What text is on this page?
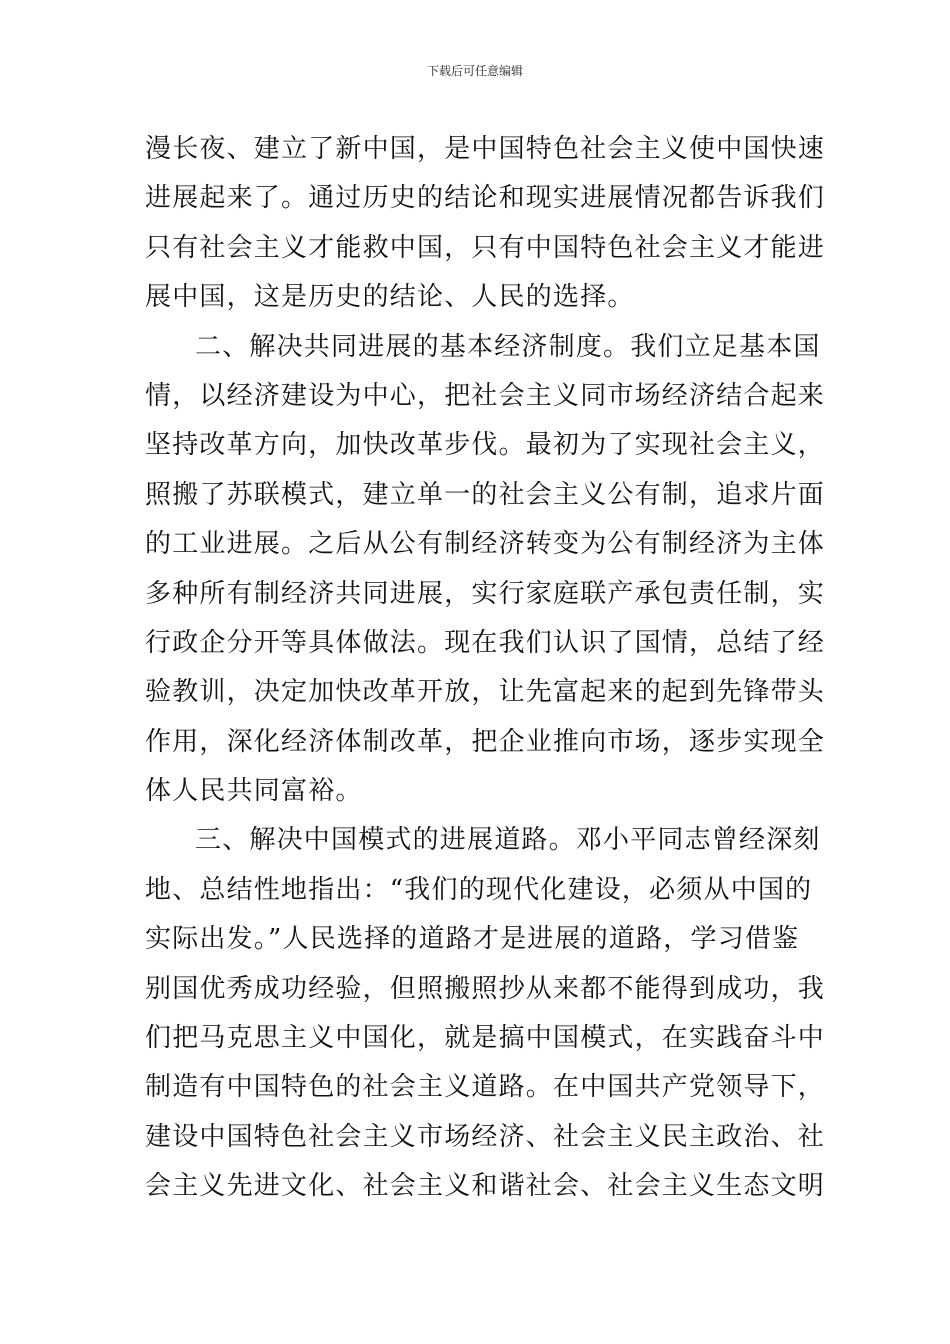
下载后可任意编辑
漫长夜、建立了新中国，是中国特色社会主义使中国快速
进展起来了。通过历史的结论和现实进展情况都告诉我们
只有社会主义才能救中国，只有中国特色社会主义才能进
展中国，这是历史的结论、人民的选择。
二、解决共同进展的基本经济制度。我们立足基本国
情，以经济建设为中心，把社会主义同市场经济结合起来
坚持改革方向，加快改革步伐。最初为了实现社会主义，
照搬了苏联模式，建立单一的社会主义公有制，追求片面
的工业进展。之后从公有制经济转变为公有制经济为主体
多种所有制经济共同进展，实行家庭联产承包责任制，实
行政企分开等具体做法。现在我们认识了国情，总结了经
验教训，决定加快改革开放，让先富起来的起到先锋带头
作用，深化经济体制改革，把企业推向市场，逐步实现全
体人民共同富裕。
三、解决中国模式的进展道路。邓小平同志曾经深刻
地、总结性地指出：“我们的现代化建设，必须从中国的
实际出发。”人民选择的道路才是进展的道路，学习借鉴
别国优秀成功经验，但照搬照抄从来都不能得到成功，我
们把马克思主义中国化，就是搞中国模式，在实践奋斗中
制造有中国特色的社会主义道路。在中国共产党领导下，
建设中国特色社会主义市场经济、社会主义民主政治、社
会主义先进文化、社会主义和谐社会、社会主义生态文明
